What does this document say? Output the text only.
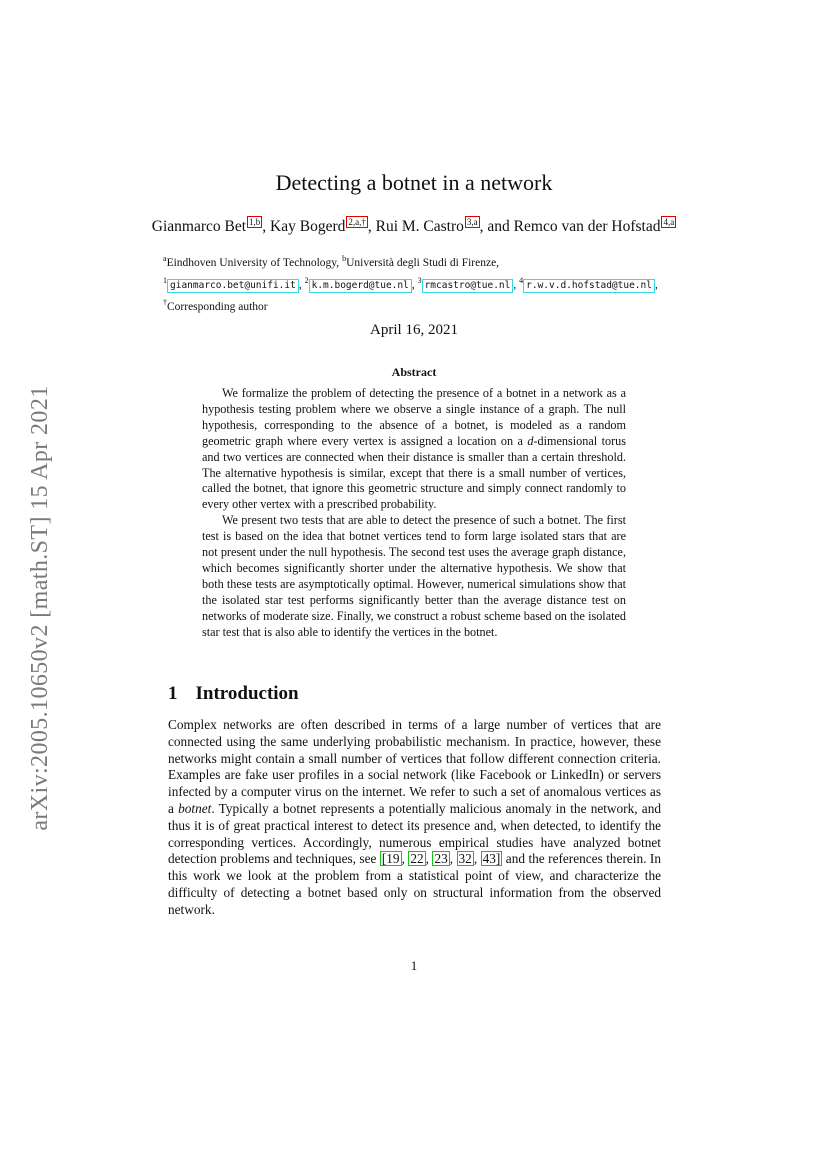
arXiv:2005.10650v2 [math.ST] 15 Apr 2021
Detecting a botnet in a network
Gianmarco Bet 1,b , Kay Bogerd 2,a,† , Rui M. Castro 3,a , and Remco van der Hofstad 4,a
$^a$Eindhoven University of Technology, $^b$Università degli Studi di Firenze,
$^1$ gianmarco.bet@unifi.it , $^2$ k.m.bogerd@tue.nl , $^3$ rmcastro@tue.nl , $^4$ r.w.v.d.hofstad@tue.nl ,
†Corresponding author
April 16, 2021
Abstract

We formalize the problem of detecting the presence of a botnet in a network as a hypothesis testing problem where we observe a single instance of a graph. The null hypothesis, corresponding to the absence of a botnet, is modeled as a random geometric graph where every vertex is assigned a location on a d-dimensional torus and two vertices are connected when their distance is smaller than a certain threshold. The alternative hypothesis is similar, except that there is a small number of vertices, called the botnet, that ignore this geometric structure and simply connect randomly to every other vertex with a prescribed probability.

We present two tests that are able to detect the presence of such a botnet. The first test is based on the idea that botnet vertices tend to form large isolated stars that are not present under the null hypothesis. The second test uses the average graph distance, which becomes significantly shorter under the alternative hypothesis. We show that both these tests are asymptotically optimal. However, numerical simulations show that the isolated star test performs significantly better than the average distance test on networks of moderate size. Finally, we construct a robust scheme based on the isolated star test that is also able to identify the vertices in the botnet.

1 Introduction

Complex networks are often described in terms of a large number of vertices that are connected using the same underlying probabilistic mechanism. In practice, however, these networks might contain a small number of vertices that follow different connection criteria. Examples are fake user profiles in a social network (like Facebook or LinkedIn) or servers infected by a computer virus on the internet. We refer to such a set of anomalous vertices as a botnet. Typically a botnet represents a potentially malicious anomaly in the network, and thus it is of great practical interest to detect its presence and, when detected, to identify the corresponding vertices. Accordingly, numerous empirical studies have analyzed botnet detection problems and techniques, see [19 , 22 , 23 , 32 , 43] and the references therein. In this work we look at the problem from a statistical point of view, and characterize the difficulty of detecting a botnet based only on structural information from the observed network.

1
